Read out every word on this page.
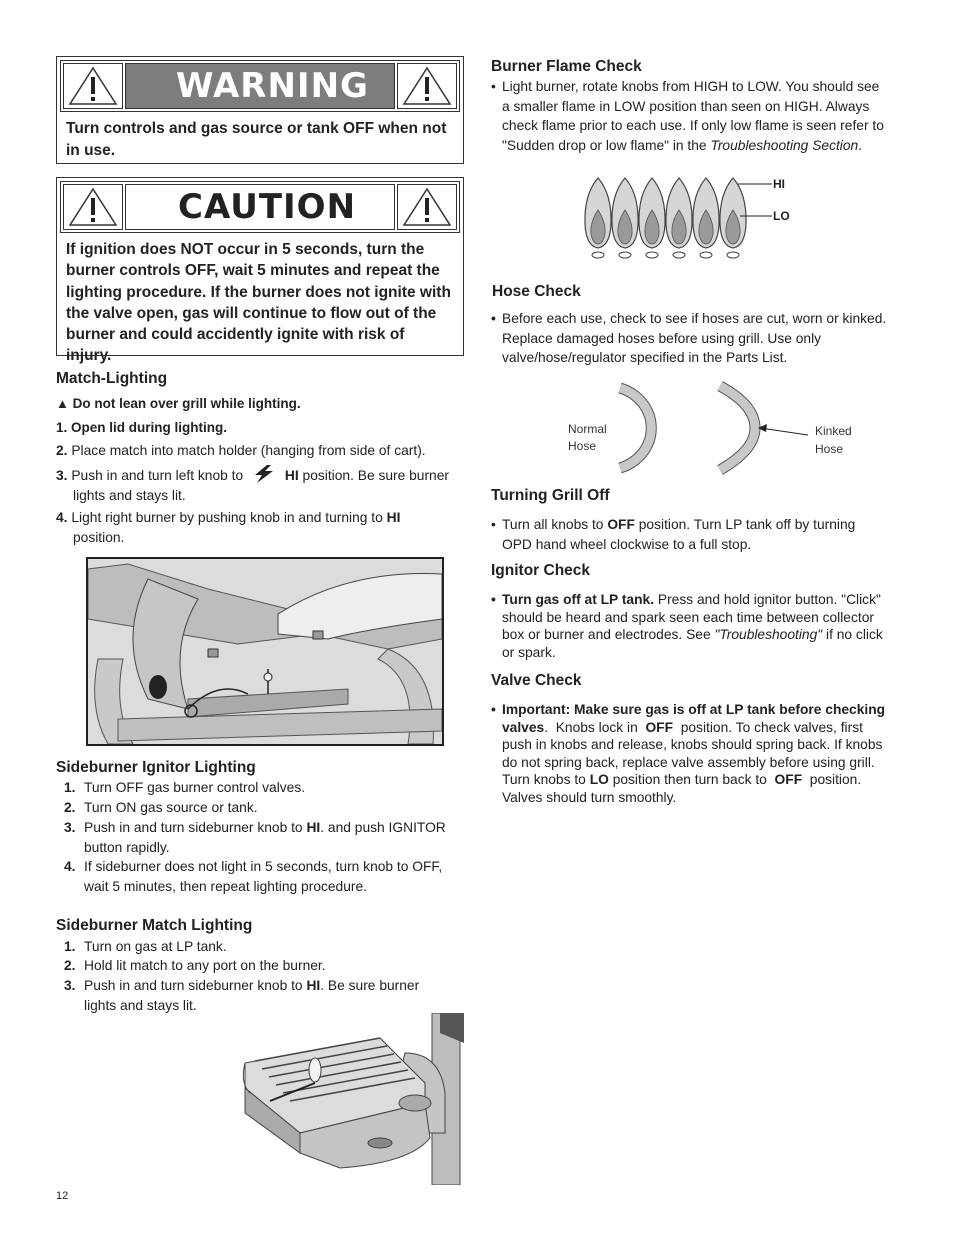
WARNING
Turn controls and gas source or tank OFF when not in use.
CAUTION
If ignition does NOT occur in 5 seconds, turn the burner controls OFF, wait 5 minutes and repeat the lighting procedure. If the burner does not ignite with the valve open, gas will continue to flow out of the burner and could accidently ignite with risk of injury.
Match-Lighting
▲ Do not lean over grill while lighting.
1. Open lid during lighting.
2. Place match into match holder (hanging from side of cart).
3. Push in and turn left knob to	HI position. Be sure burner
lights and stays lit.
4. Light right burner by pushing knob in and turning to HI
position.
Sideburner Ignitor Lighting
1. Turn OFF gas burner control valves.
2. Turn ON gas source or tank.
3. Push in and turn sideburner knob to HI. and push IGNITOR
button rapidly.
4. If sideburner does not light in 5 seconds, turn knob to OFF,
wait 5 minutes, then repeat lighting procedure.
Sideburner Match Lighting
1. Turn on gas at LP tank.
2. Hold lit match to any port on the burner.
3. Push in and turn sideburner knob to HI. Be sure burner
lights and stays lit.
12
Burner Flame Check
• Light burner, rotate knobs from HIGH to LOW. You should see
a smaller flame in LOW position than seen on HIGH. Always
check flame prior to each use. If only low flame is seen refer to
"Sudden drop or low flame" in the Troubleshooting Section.
HI
LO
Hose Check
• Before each use, check to see if hoses are cut, worn or kinked.
Replace damaged hoses before using grill. Use only
valve/hose/regulator specified in the Parts List.
Normal
Hose
Kinked
Hose
Turning Grill Off
• Turn all knobs to OFF position. Turn LP tank off by turning
OPD hand wheel clockwise to a full stop.
Ignitor Check
• Turn gas off at LP tank. Press and hold ignitor button. "Click"
should be heard and spark seen each time between collector
box or burner and electrodes. See "Troubleshooting" if no click
or spark.
Valve Check
• Important: Make sure gas is off at LP tank before checking
valves.  Knobs lock in  OFF  position. To check valves, first
push in knobs and release, knobs should spring back. If knobs
do not spring back, replace valve assembly before using grill.
Turn knobs to LO position then turn back to  OFF  position.
Valves should turn smoothly.
